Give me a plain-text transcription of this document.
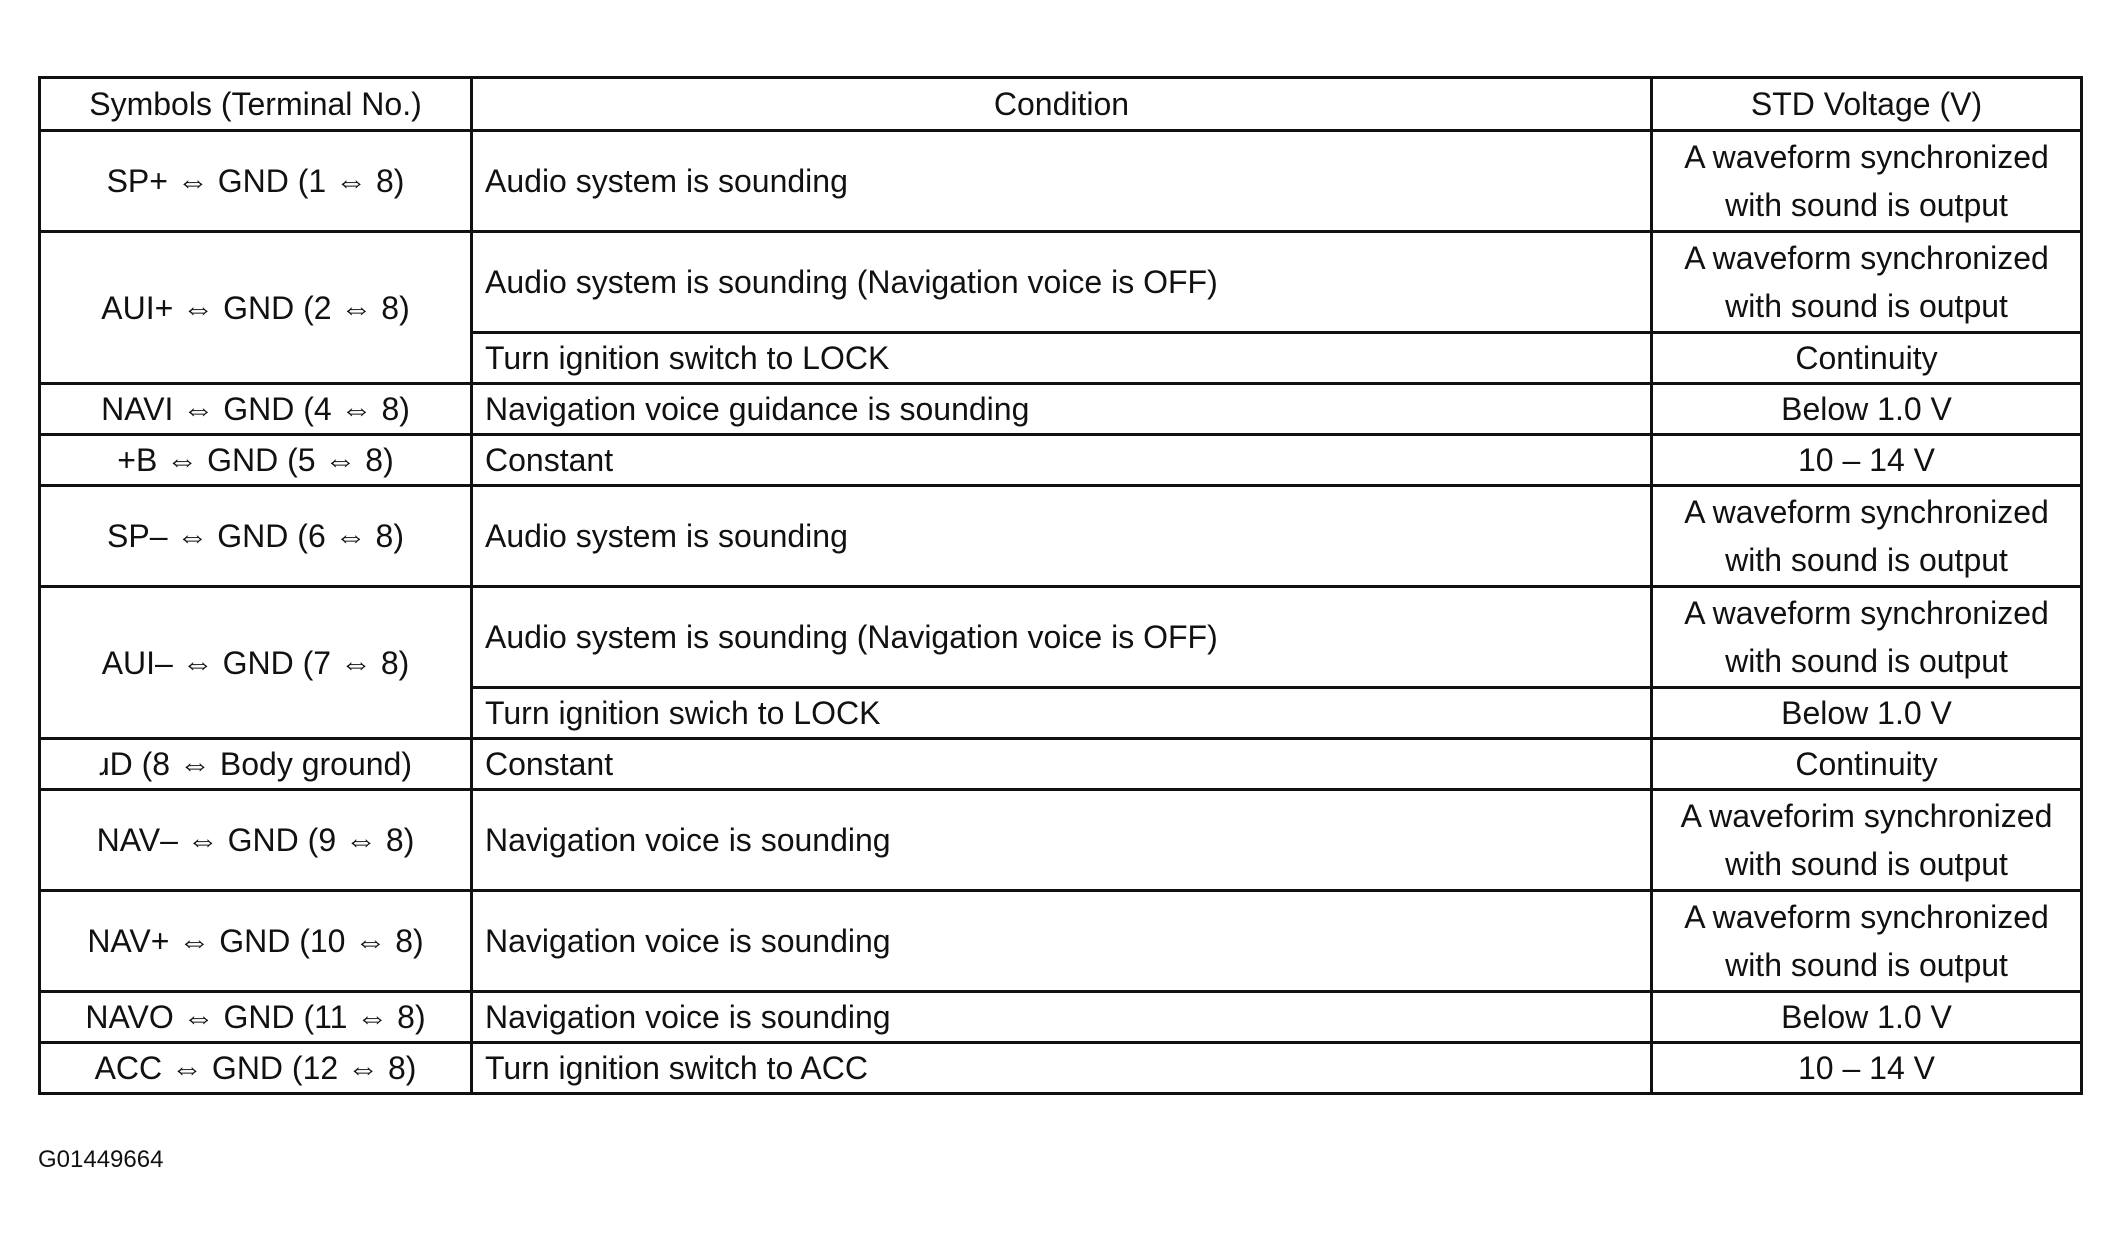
Symbols (Terminal No.)	Condition	STD Voltage (V)
SP+ ⇔ GND (1 ⇔ 8)	Audio system is sounding	A waveform synchronized with sound is output
AUI+ ⇔ GND (2 ⇔ 8)	Audio system is sounding (Navigation voice is OFF)	A waveform synchronized with sound is output
	Turn ignition switch to LOCK	Continuity
NAVI ⇔ GND (4 ⇔ 8)	Navigation voice guidance is sounding	Below 1.0 V
+B ⇔ GND (5 ⇔ 8)	Constant	10 – 14 V
SP– ⇔ GND (6 ⇔ 8)	Audio system is sounding	A waveform synchronized with sound is output
AUI– ⇔ GND (7 ⇔ 8)	Audio system is sounding (Navigation voice is OFF)	A waveform synchronized with sound is output
	Turn ignition swich to LOCK	Below 1.0 V
ɹD (8 ⇔ Body ground)	Constant	Continuity
NAV– ⇔ GND (9 ⇔ 8)	Navigation voice is sounding	A waveforim synchronized with sound is output
NAV+ ⇔ GND (10 ⇔ 8)	Navigation voice is sounding	A waveform synchronized with sound is output
NAVO ⇔ GND (11 ⇔ 8)	Navigation voice is sounding	Below 1.0 V
ACC ⇔ GND (12 ⇔ 8)	Turn ignition switch to ACC	10 – 14 V
G01449664
